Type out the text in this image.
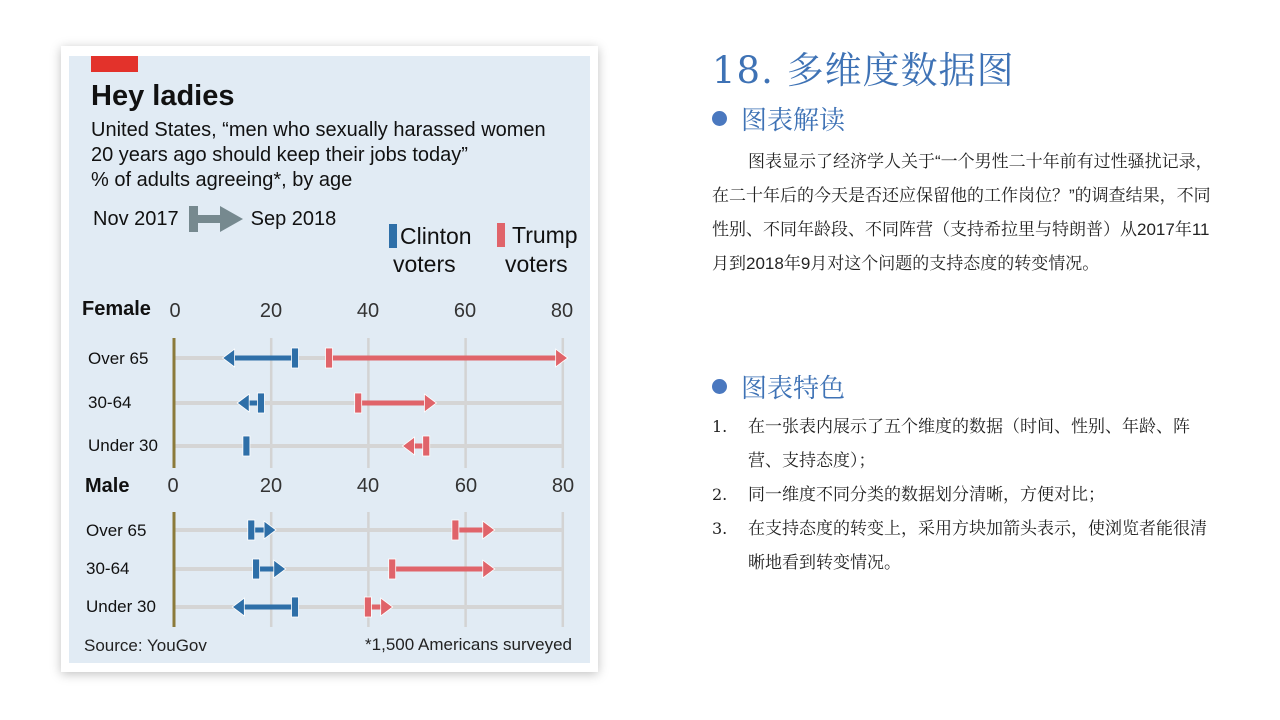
Hey ladies
United States, “men who sexually harassed women
20 years ago should keep their jobs today”
% of adults agreeing*, by age
Nov 2017	Sep 2018
Clinton
voters
Trump
voters
Female 0	20	40	60	80
Over 65
30-64
Under 30
Male 0	20	40	60	80
Over 65
30-64
Under 30
Source: YouGov	*1,500 Americans surveyed
18. 多维度数据图
图表解读
图表显示了经济学人关于“一个男性二十年前有过性骚扰记录，在二十年后的今天是否还应保留他的工作岗位？”的调查结果，不同性别、不同年龄段、不同阵营（支持希拉里与特朗普）从2017年11月到2018年9月对这个问题的支持态度的转变情况。
图表特色
1. 在一张表内展示了五个维度的数据（时间、性别、年龄、阵营、支持态度）；
2. 同一维度不同分类的数据划分清晰，方便对比；
3. 在支持态度的转变上，采用方块加箭头表示，使浏览者能很清晰地看到转变情况。
